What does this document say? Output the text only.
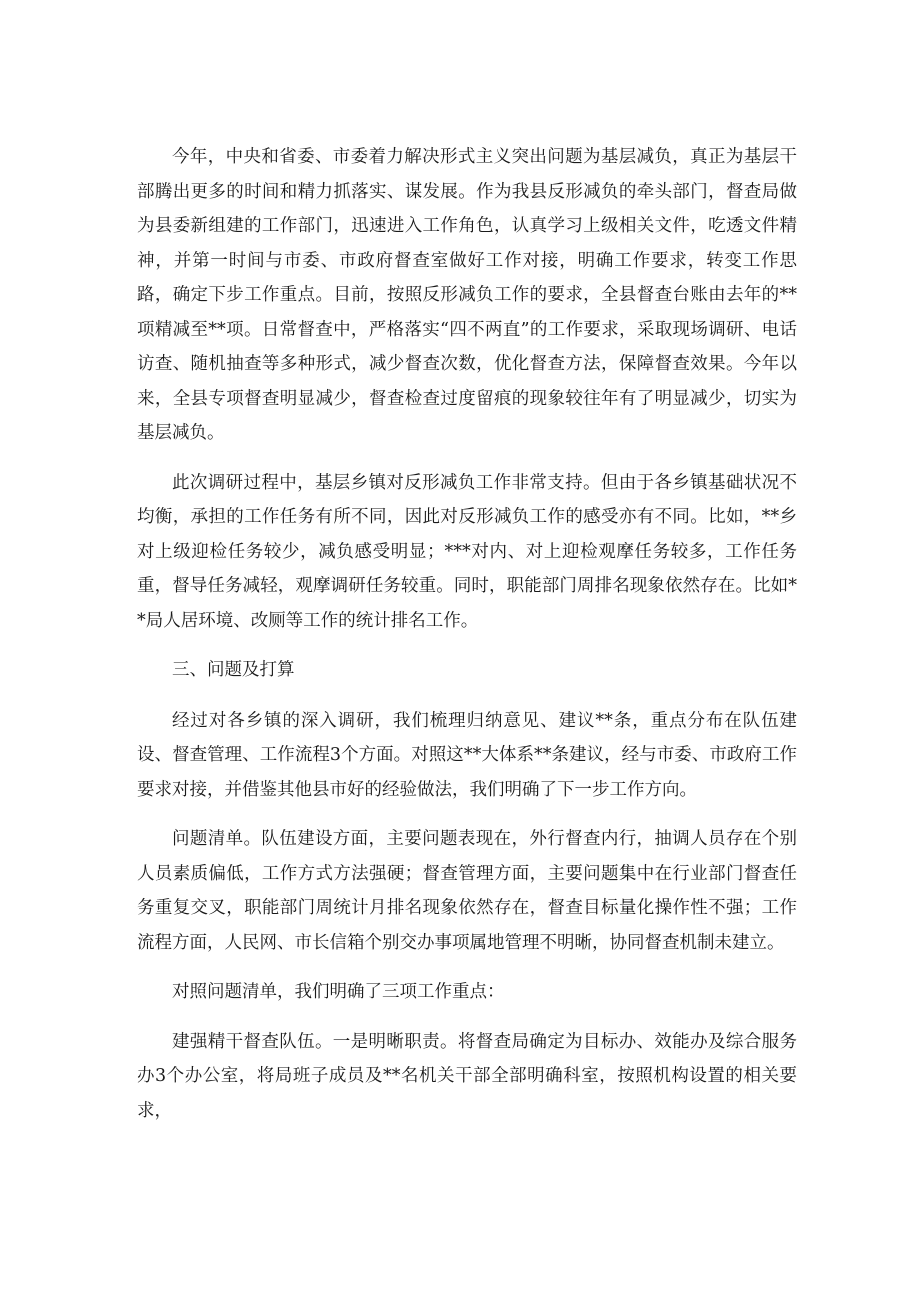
今年，中央和省委、市委着力解决形式主义突出问题为基层减负，真正为基层干部腾出更多的时间和精力抓落实、谋发展。作为我县反形减负的牵头部门，督查局做为县委新组建的工作部门，迅速进入工作角色，认真学习上级相关文件，吃透文件精神，并第一时间与市委、市政府督查室做好工作对接，明确工作要求，转变工作思路，确定下步工作重点。目前，按照反形减负工作的要求，全县督查台账由去年的**项精减至**项。日常督查中，严格落实“四不两直”的工作要求，采取现场调研、电话访查、随机抽查等多种形式，减少督查次数，优化督查方法，保障督查效果。今年以来，全县专项督查明显减少，督查检查过度留痕的现象较往年有了明显减少，切实为基层减负。

此次调研过程中，基层乡镇对反形减负工作非常支持。但由于各乡镇基础状况不均衡，承担的工作任务有所不同，因此对反形减负工作的感受亦有不同。比如，**乡对上级迎检任务较少，减负感受明显；***对内、对上迎检观摩任务较多，工作任务重，督导任务减轻，观摩调研任务较重。同时，职能部门周排名现象依然存在。比如**局人居环境、改厕等工作的统计排名工作。

三、问题及打算

经过对各乡镇的深入调研，我们梳理归纳意见、建议**条，重点分布在队伍建设、督查管理、工作流程3个方面。对照这**大体系**条建议，经与市委、市政府工作要求对接，并借鉴其他县市好的经验做法，我们明确了下一步工作方向。

问题清单。队伍建设方面，主要问题表现在，外行督查内行，抽调人员存在个别人员素质偏低，工作方式方法强硬；督查管理方面，主要问题集中在行业部门督查任务重复交叉，职能部门周统计月排名现象依然存在，督查目标量化操作性不强；工作流程方面，人民网、市长信箱个别交办事项属地管理不明晰，协同督查机制未建立。

对照问题清单，我们明确了三项工作重点：

建强精干督查队伍。一是明晰职责。将督查局确定为目标办、效能办及综合服务办3个办公室，将局班子成员及**名机关干部全部明确科室，按照机构设置的相关要求，
